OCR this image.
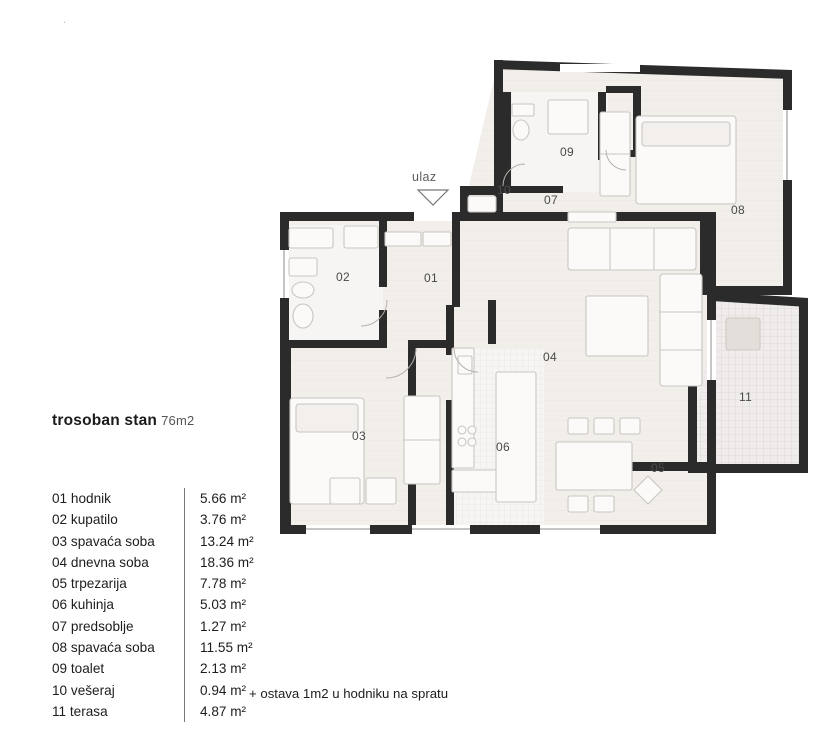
.
ulaz
01
02
03
04
05
06
07
08
09
10
11
trosoban stan 76m2
01 hodnik	5.66 m²
02 kupatilo	3.76 m²
03 spavaća soba	13.24 m²
04 dnevna soba	18.36 m²
05 trpezarija	7.78 m²
06 kuhinja	5.03 m²
07 predsoblje	1.27 m²
08 spavaća soba	11.55 m²
09 toalet	2.13 m²
10 vešeraj	0.94 m²
11 terasa	4.87 m²
+ ostava 1m2 u hodniku na spratu
